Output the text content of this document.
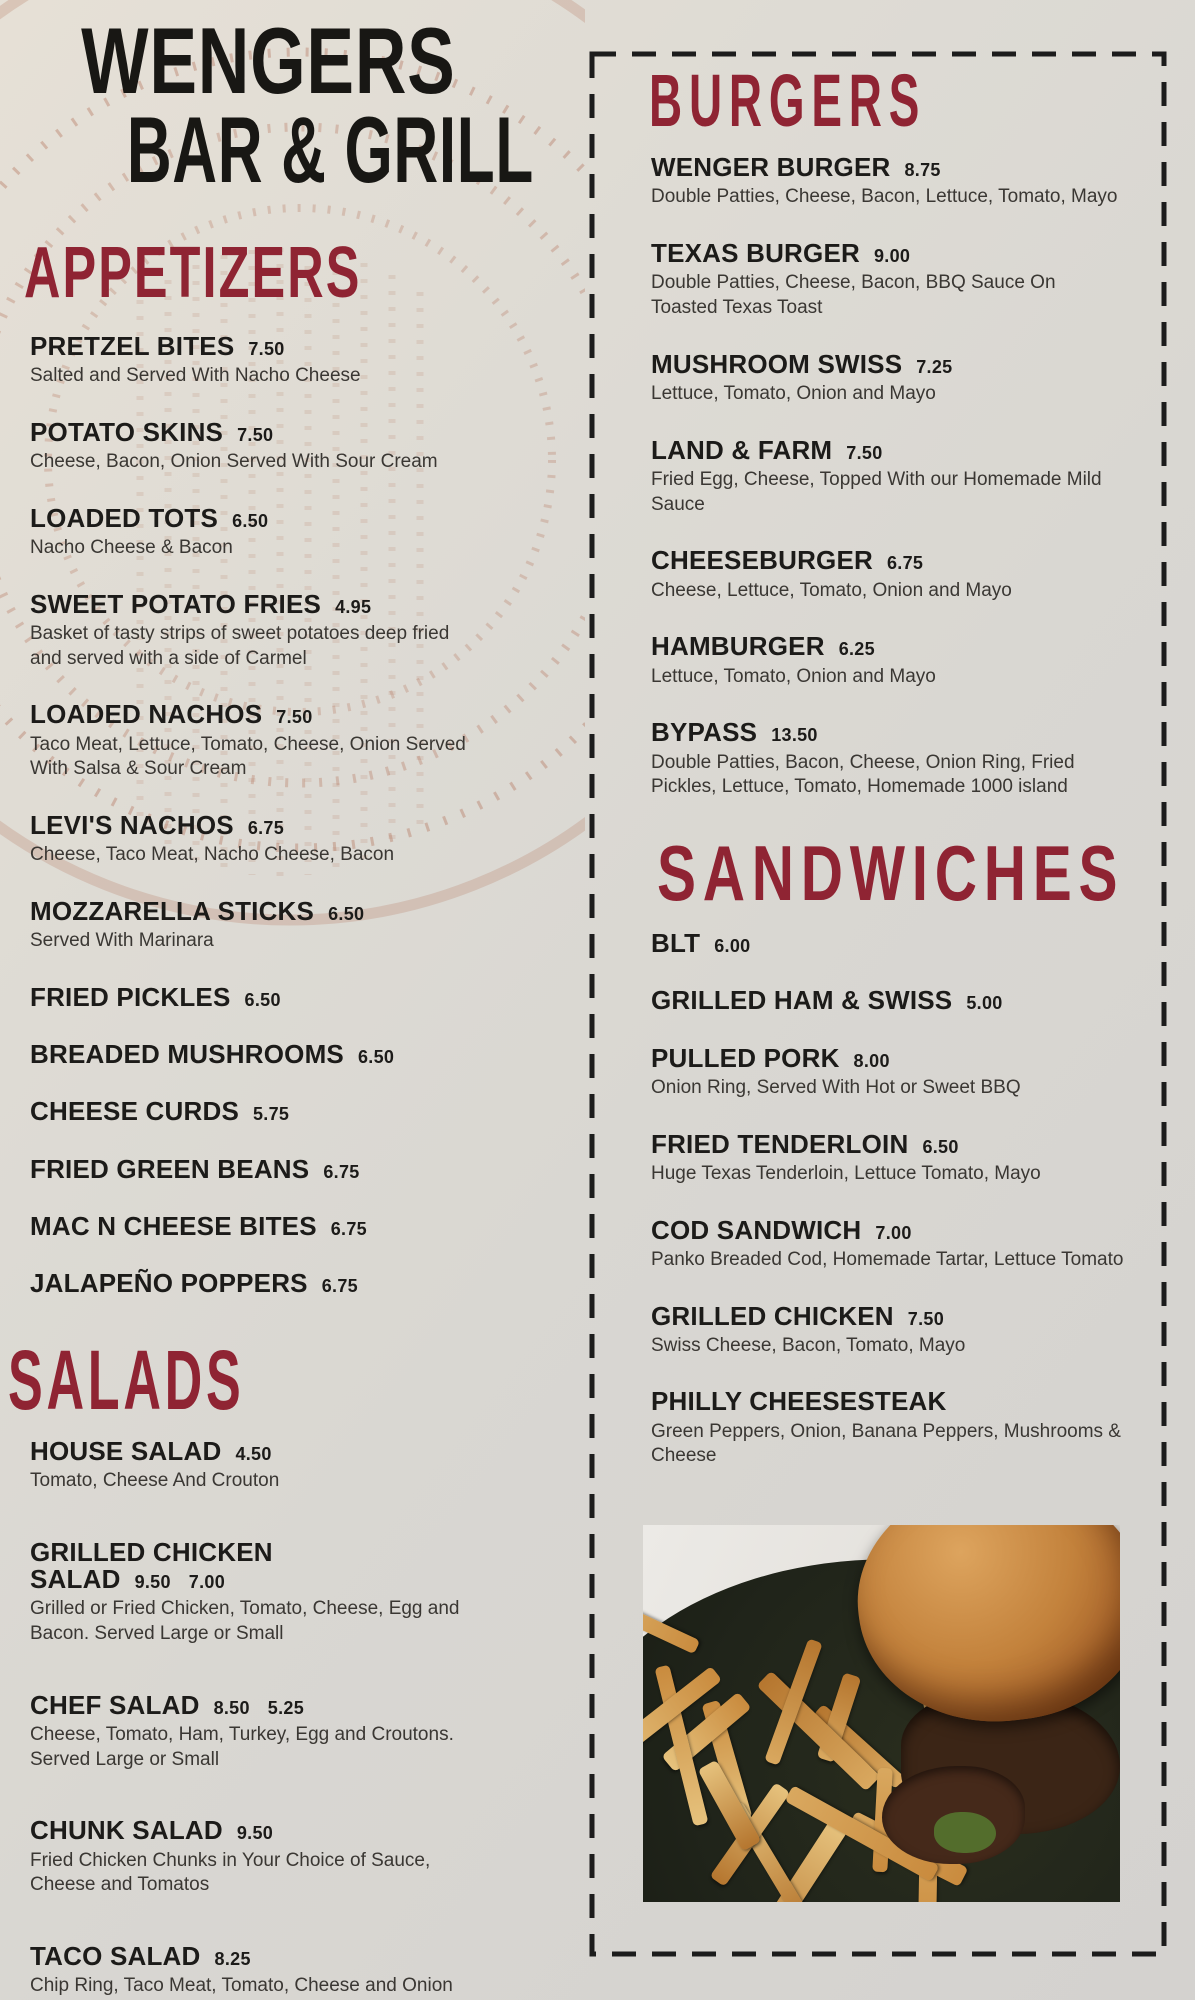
WENGERS
BAR & GRILL
APPETIZERS
PRETZEL BITES 7.50
Salted and Served With Nacho Cheese
POTATO SKINS 7.50
Cheese, Bacon, Onion Served With Sour Cream
LOADED TOTS 6.50
Nacho Cheese & Bacon
SWEET POTATO FRIES 4.95
Basket of tasty strips of sweet potatoes deep fried and served with a side of Carmel
LOADED NACHOS 7.50
Taco Meat, Lettuce, Tomato, Cheese, Onion Served With Salsa & Sour Cream
LEVI'S NACHOS 6.75
Cheese, Taco Meat, Nacho Cheese, Bacon
MOZZARELLA STICKS 6.50
Served With Marinara
FRIED PICKLES 6.50
BREADED MUSHROOMS 6.50
CHEESE CURDS 5.75
FRIED GREEN BEANS 6.75
MAC N CHEESE BITES 6.75
JALAPEÑO POPPERS 6.75
SALADS
HOUSE SALAD 4.50
Tomato, Cheese And Crouton
GRILLED CHICKEN SALAD 9.50 7.00
Grilled or Fried Chicken, Tomato, Cheese, Egg and Bacon. Served Large or Small
CHEF SALAD 8.50 5.25
Cheese, Tomato, Ham, Turkey, Egg and Croutons. Served Large or Small
CHUNK SALAD 9.50
Fried Chicken Chunks in Your Choice of Sauce, Cheese and Tomatos
TACO SALAD 8.25
Chip Ring, Taco Meat, Tomato, Cheese and Onion
BURGERS
WENGER BURGER 8.75
Double Patties, Cheese, Bacon, Lettuce, Tomato, Mayo
TEXAS BURGER 9.00
Double Patties, Cheese, Bacon, BBQ Sauce On Toasted Texas Toast
MUSHROOM SWISS 7.25
Lettuce, Tomato, Onion and Mayo
LAND & FARM 7.50
Fried Egg, Cheese, Topped With our Homemade Mild Sauce
CHEESEBURGER 6.75
Cheese, Lettuce, Tomato, Onion and Mayo
HAMBURGER 6.25
Lettuce, Tomato, Onion and Mayo
BYPASS 13.50
Double Patties, Bacon, Cheese, Onion Ring, Fried Pickles, Lettuce, Tomato, Homemade 1000 island
SANDWICHES
BLT 6.00
GRILLED HAM & SWISS 5.00
PULLED PORK 8.00
Onion Ring, Served With Hot or Sweet BBQ
FRIED TENDERLOIN 6.50
Huge Texas Tenderloin, Lettuce Tomato, Mayo
COD SANDWICH 7.00
Panko Breaded Cod, Homemade Tartar, Lettuce Tomato
GRILLED CHICKEN 7.50
Swiss Cheese, Bacon, Tomato, Mayo
PHILLY CHEESESTEAK
Green Peppers, Onion, Banana Peppers, Mushrooms & Cheese
